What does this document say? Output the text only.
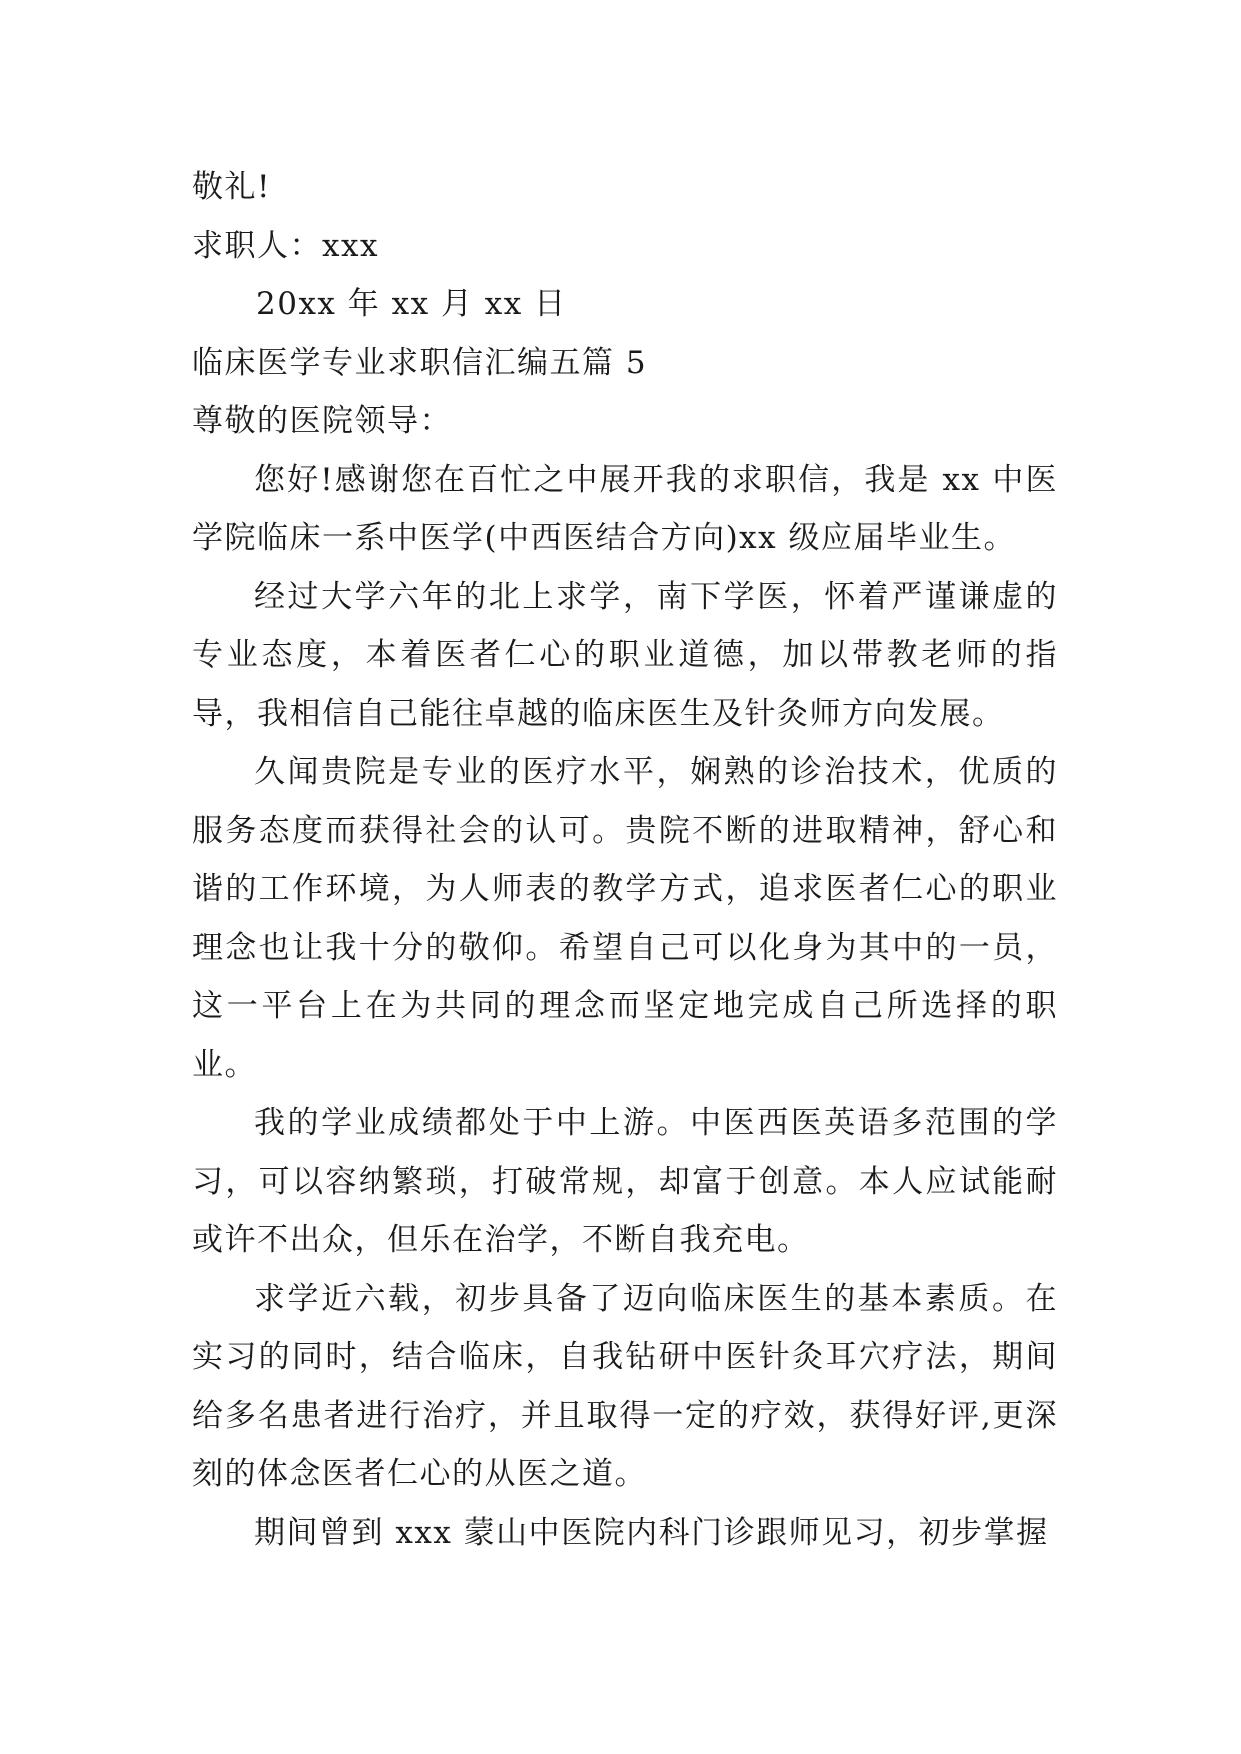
敬礼!
求职人：xxx
20xx 年 xx 月 xx 日
临床医学专业求职信汇编五篇 5
尊敬的医院领导：

您好!感谢您在百忙之中展开我的求职信，我是 xx 中医学院临床一系中医学(中西医结合方向)xx 级应届毕业生。

经过大学六年的北上求学，南下学医，怀着严谨谦虚的专业态度，本着医者仁心的职业道德，加以带教老师的指导，我相信自己能往卓越的临床医生及针灸师方向发展。

久闻贵院是专业的医疗水平，娴熟的诊治技术，优质的服务态度而获得社会的认可。贵院不断的进取精神，舒心和谐的工作环境，为人师表的教学方式，追求医者仁心的职业理念也让我十分的敬仰。希望自己可以化身为其中的一员，这一平台上在为共同的理念而坚定地完成自己所选择的职业。

我的学业成绩都处于中上游。中医西医英语多范围的学习，可以容纳繁琐，打破常规，却富于创意。本人应试能耐或许不出众，但乐在治学，不断自我充电。

求学近六载，初步具备了迈向临床医生的基本素质。在实习的同时，结合临床，自我钻研中医针灸耳穴疗法，期间给多名患者进行治疗，并且取得一定的疗效，获得好评,更深刻的体念医者仁心的从医之道。

期间曾到 xxx 蒙山中医院内科门诊跟师见习，初步掌握
